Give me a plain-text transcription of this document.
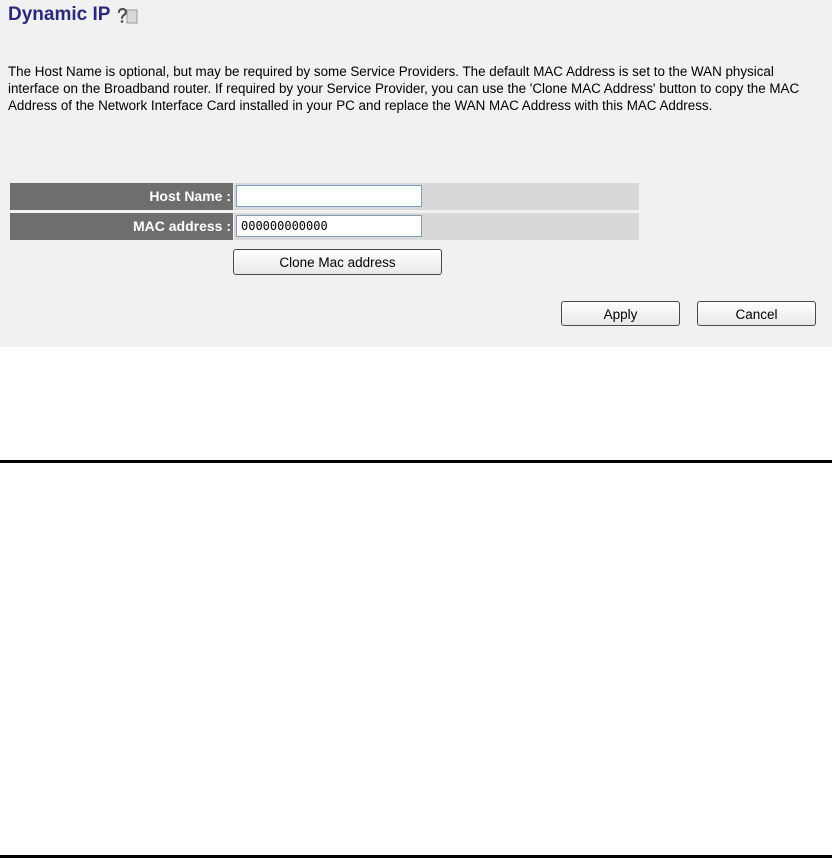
Dynamic IP
The Host Name is optional, but may be required by some Service Providers. The default MAC Address is set to the WAN physical interface on the Broadband router. If required by your Service Provider, you can use the 'Clone MAC Address' button to copy the MAC Address of the Network Interface Card installed in your PC and replace the WAN MAC Address with this MAC Address.
Host Name :
MAC address :
000000000000
Clone Mac address
Apply	Cancel
